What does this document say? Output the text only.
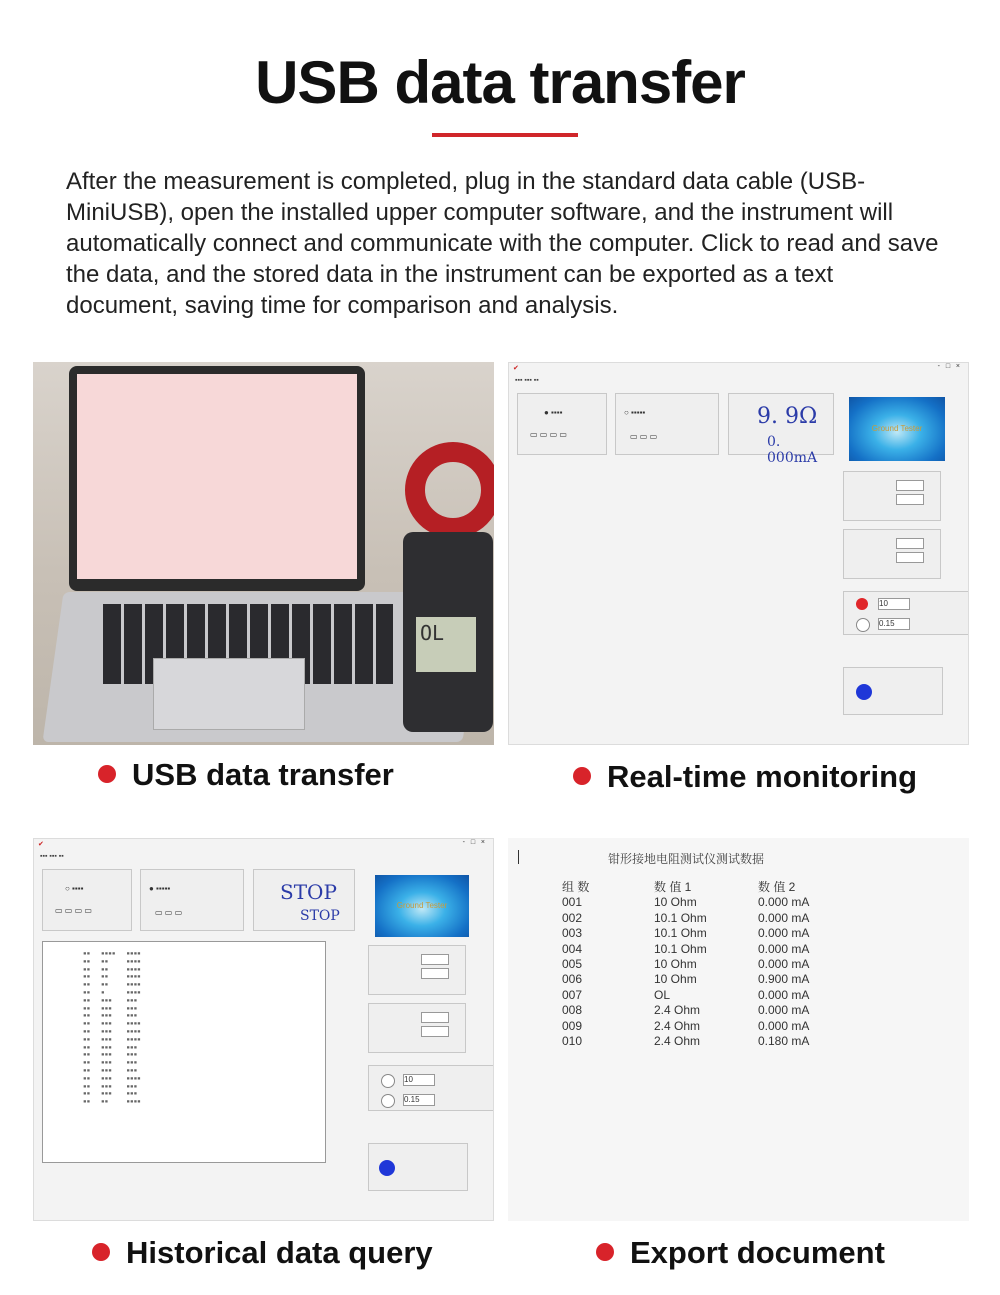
USB data transfer
After the measurement is completed, plug in the standard data cable (USB-MiniUSB), open the installed upper computer software, and the instrument will automatically connect and communicate with the computer. Click to read and save the data, and the stored data in the instrument can be exported as a text document, saving time for comparison and analysis.
OL
USB data transfer
✔	- □ ×
▪▪▪ ▪▪▪ ▪▪
● ▪▪▪▪
▭ ▭ ▭ ▭
○ ▪▪▪▪▪
▭ ▭ ▭
9. 9Ω
0. 000mA
Ground Tester
10
0.15
Real-time monitoring
✔	- □ ×
▪▪▪ ▪▪▪ ▪▪
○ ▪▪▪▪
▭ ▭ ▭ ▭
● ▪▪▪▪▪
▭ ▭ ▭
STOP
STOP
Ground Tester
▪▪   ▪▪▪▪   ▪▪▪▪
▪▪   ▪▪     ▪▪▪▪
▪▪   ▪▪     ▪▪▪▪
▪▪   ▪▪     ▪▪▪▪
▪▪   ▪▪     ▪▪▪▪
▪▪   ▪      ▪▪▪▪
▪▪   ▪▪▪    ▪▪▪
▪▪   ▪▪▪    ▪▪▪
▪▪   ▪▪▪    ▪▪▪
▪▪   ▪▪▪    ▪▪▪▪
▪▪   ▪▪▪    ▪▪▪▪
▪▪   ▪▪▪    ▪▪▪▪
▪▪   ▪▪▪    ▪▪▪
▪▪   ▪▪▪    ▪▪▪
▪▪   ▪▪▪    ▪▪▪
▪▪   ▪▪▪    ▪▪▪
▪▪   ▪▪▪    ▪▪▪▪
▪▪   ▪▪▪    ▪▪▪
▪▪   ▪▪▪    ▪▪▪
▪▪   ▪▪     ▪▪▪▪
10
0.15
Historical data query
钳形接地电阻测试仪测试数据
组 数	数 值 1	数 值 2
001	10 Ohm	0.000 mA
002	10.1 Ohm	0.000 mA
003	10.1 Ohm	0.000 mA
004	10.1 Ohm	0.000 mA
005	10 Ohm	0.000 mA
006	10 Ohm	0.900 mA
007	OL	0.000 mA
008	2.4 Ohm	0.000 mA
009	2.4 Ohm	0.000 mA
010	2.4 Ohm	0.180 mA
Export document
